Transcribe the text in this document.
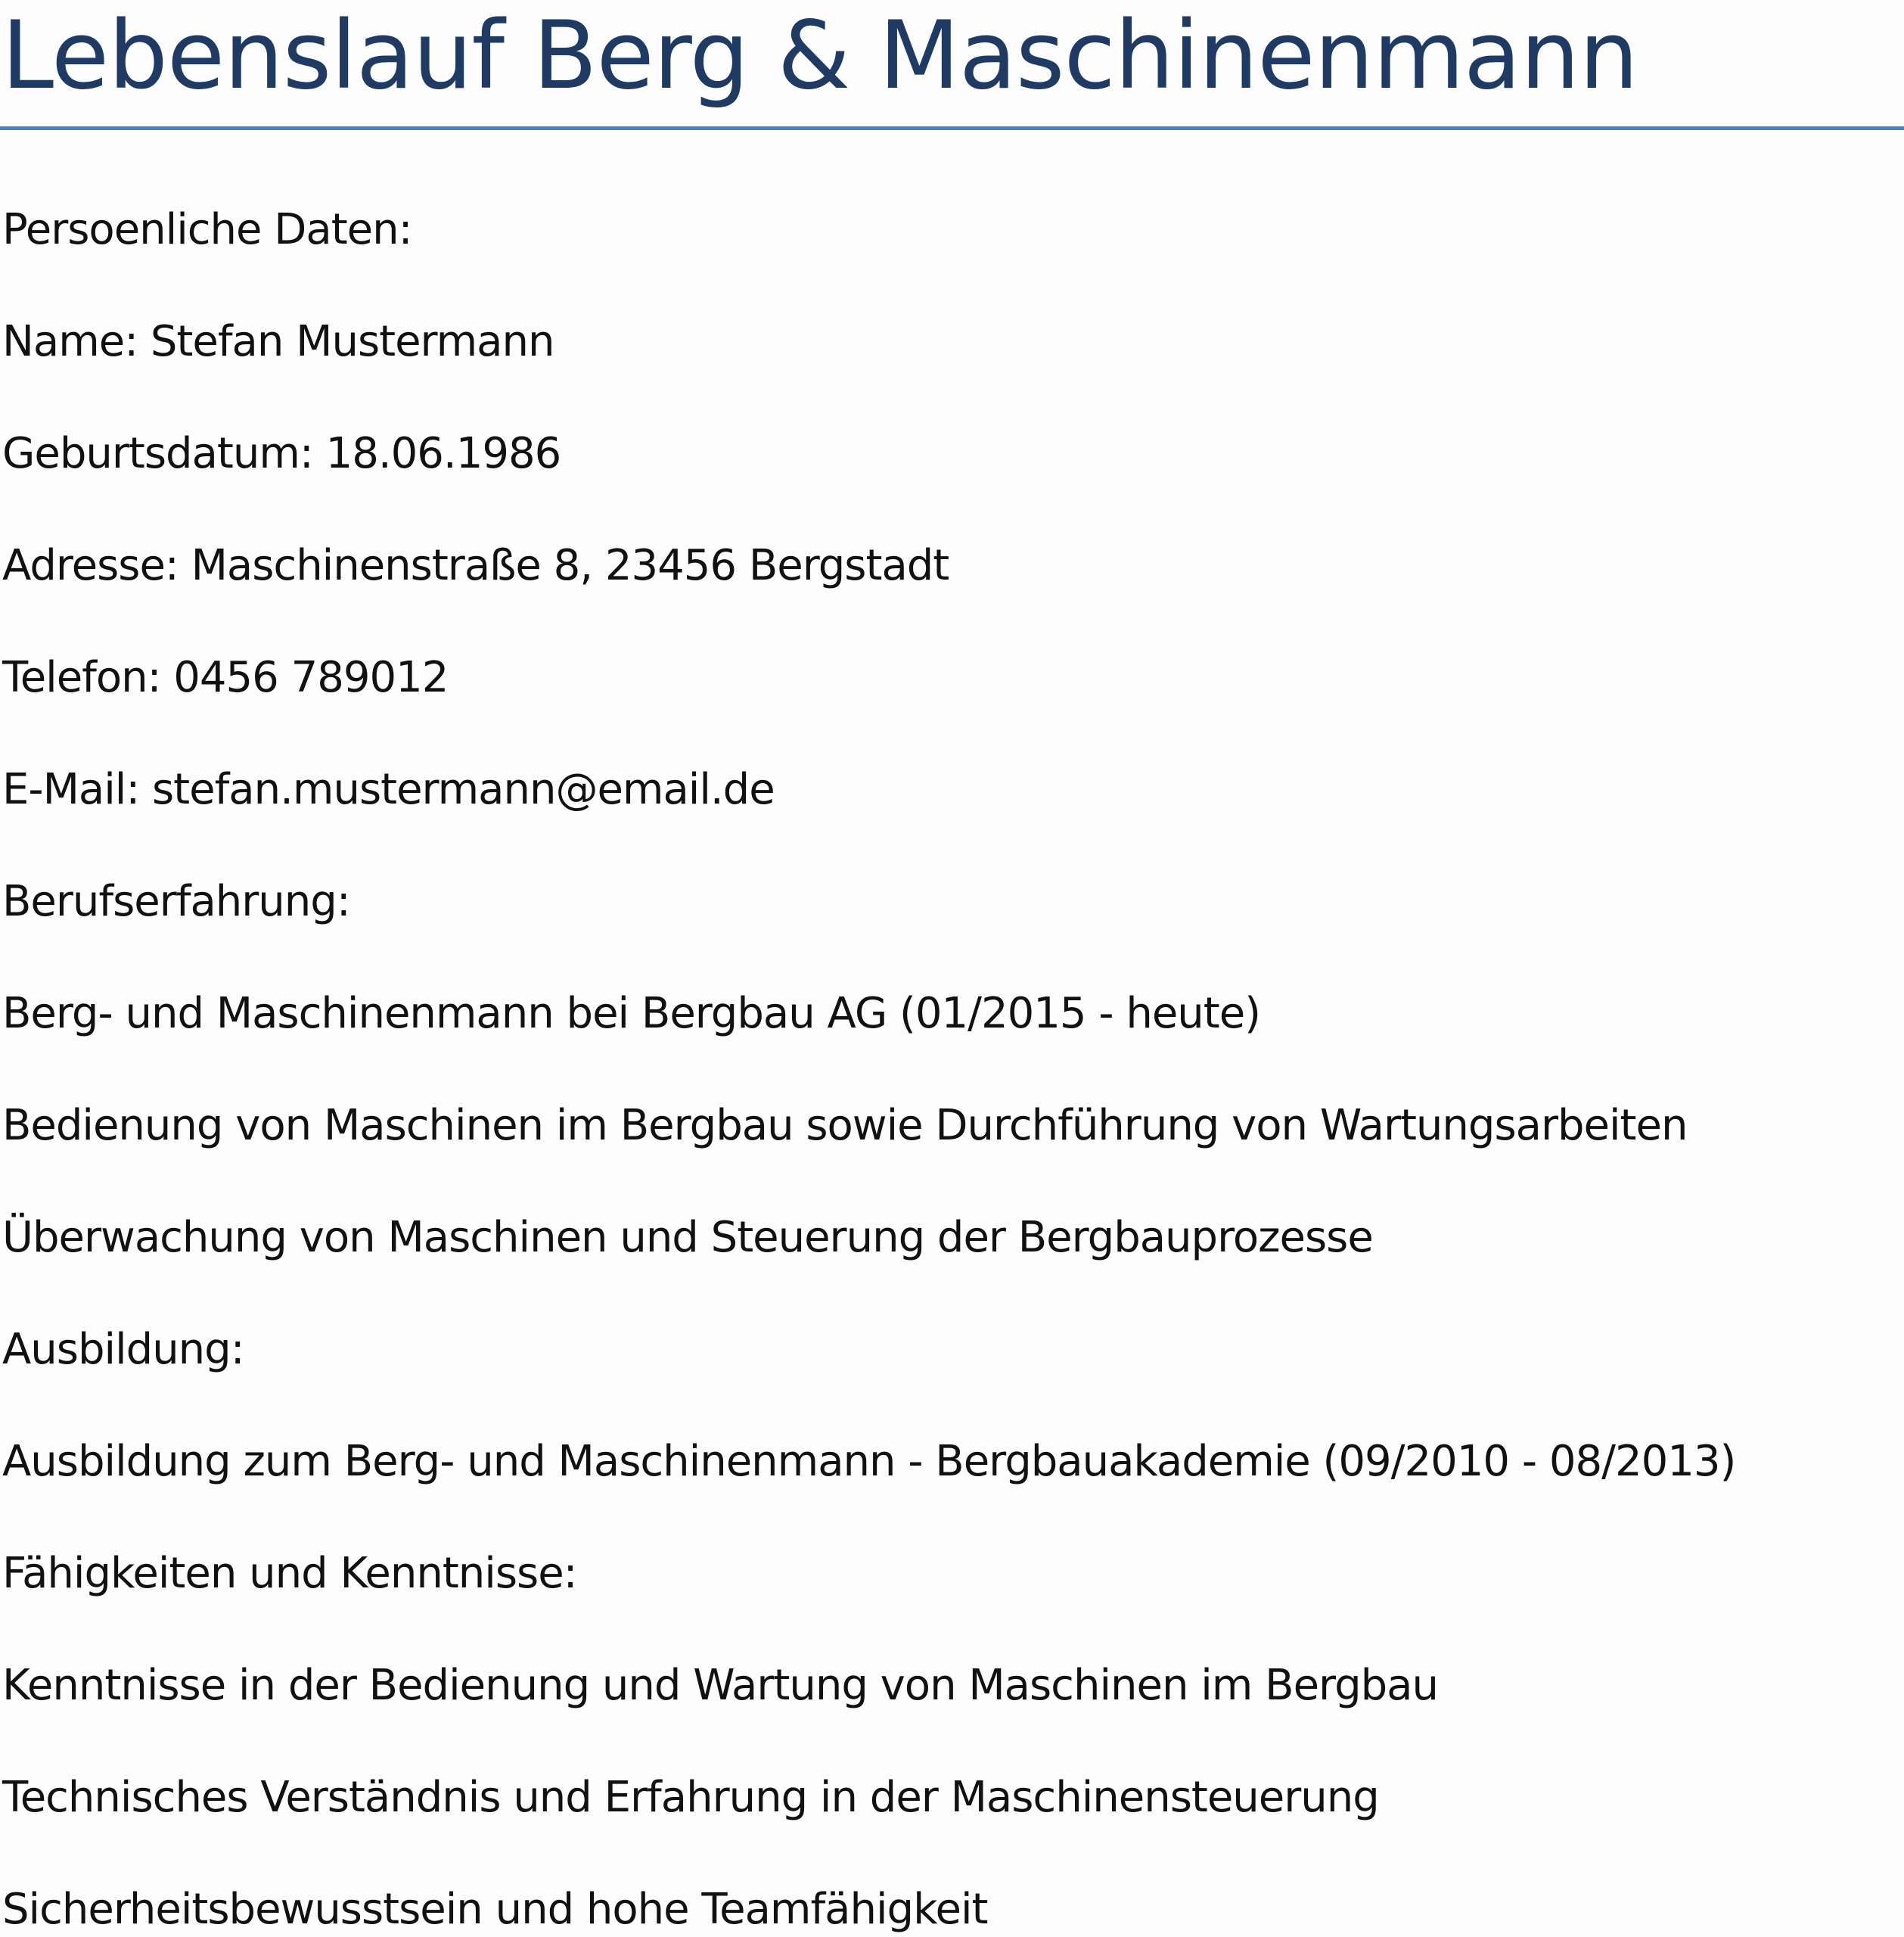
Lebenslauf Berg & Maschinenmann

Persoenliche Daten:

Name: Stefan Mustermann

Geburtsdatum: 18.06.1986

Adresse: Maschinenstraße 8, 23456 Bergstadt

Telefon: 0456 789012

E-Mail: stefan.mustermann@email.de

Berufserfahrung:

Berg- und Maschinenmann bei Bergbau AG (01/2015 - heute)

Bedienung von Maschinen im Bergbau sowie Durchführung von Wartungsarbeiten

Überwachung von Maschinen und Steuerung der Bergbauprozesse

Ausbildung:

Ausbildung zum Berg- und Maschinenmann - Bergbauakademie (09/2010 - 08/2013)

Fähigkeiten und Kenntnisse:

Kenntnisse in der Bedienung und Wartung von Maschinen im Bergbau

Technisches Verständnis und Erfahrung in der Maschinensteuerung

Sicherheitsbewusstsein und hohe Teamfähigkeit
